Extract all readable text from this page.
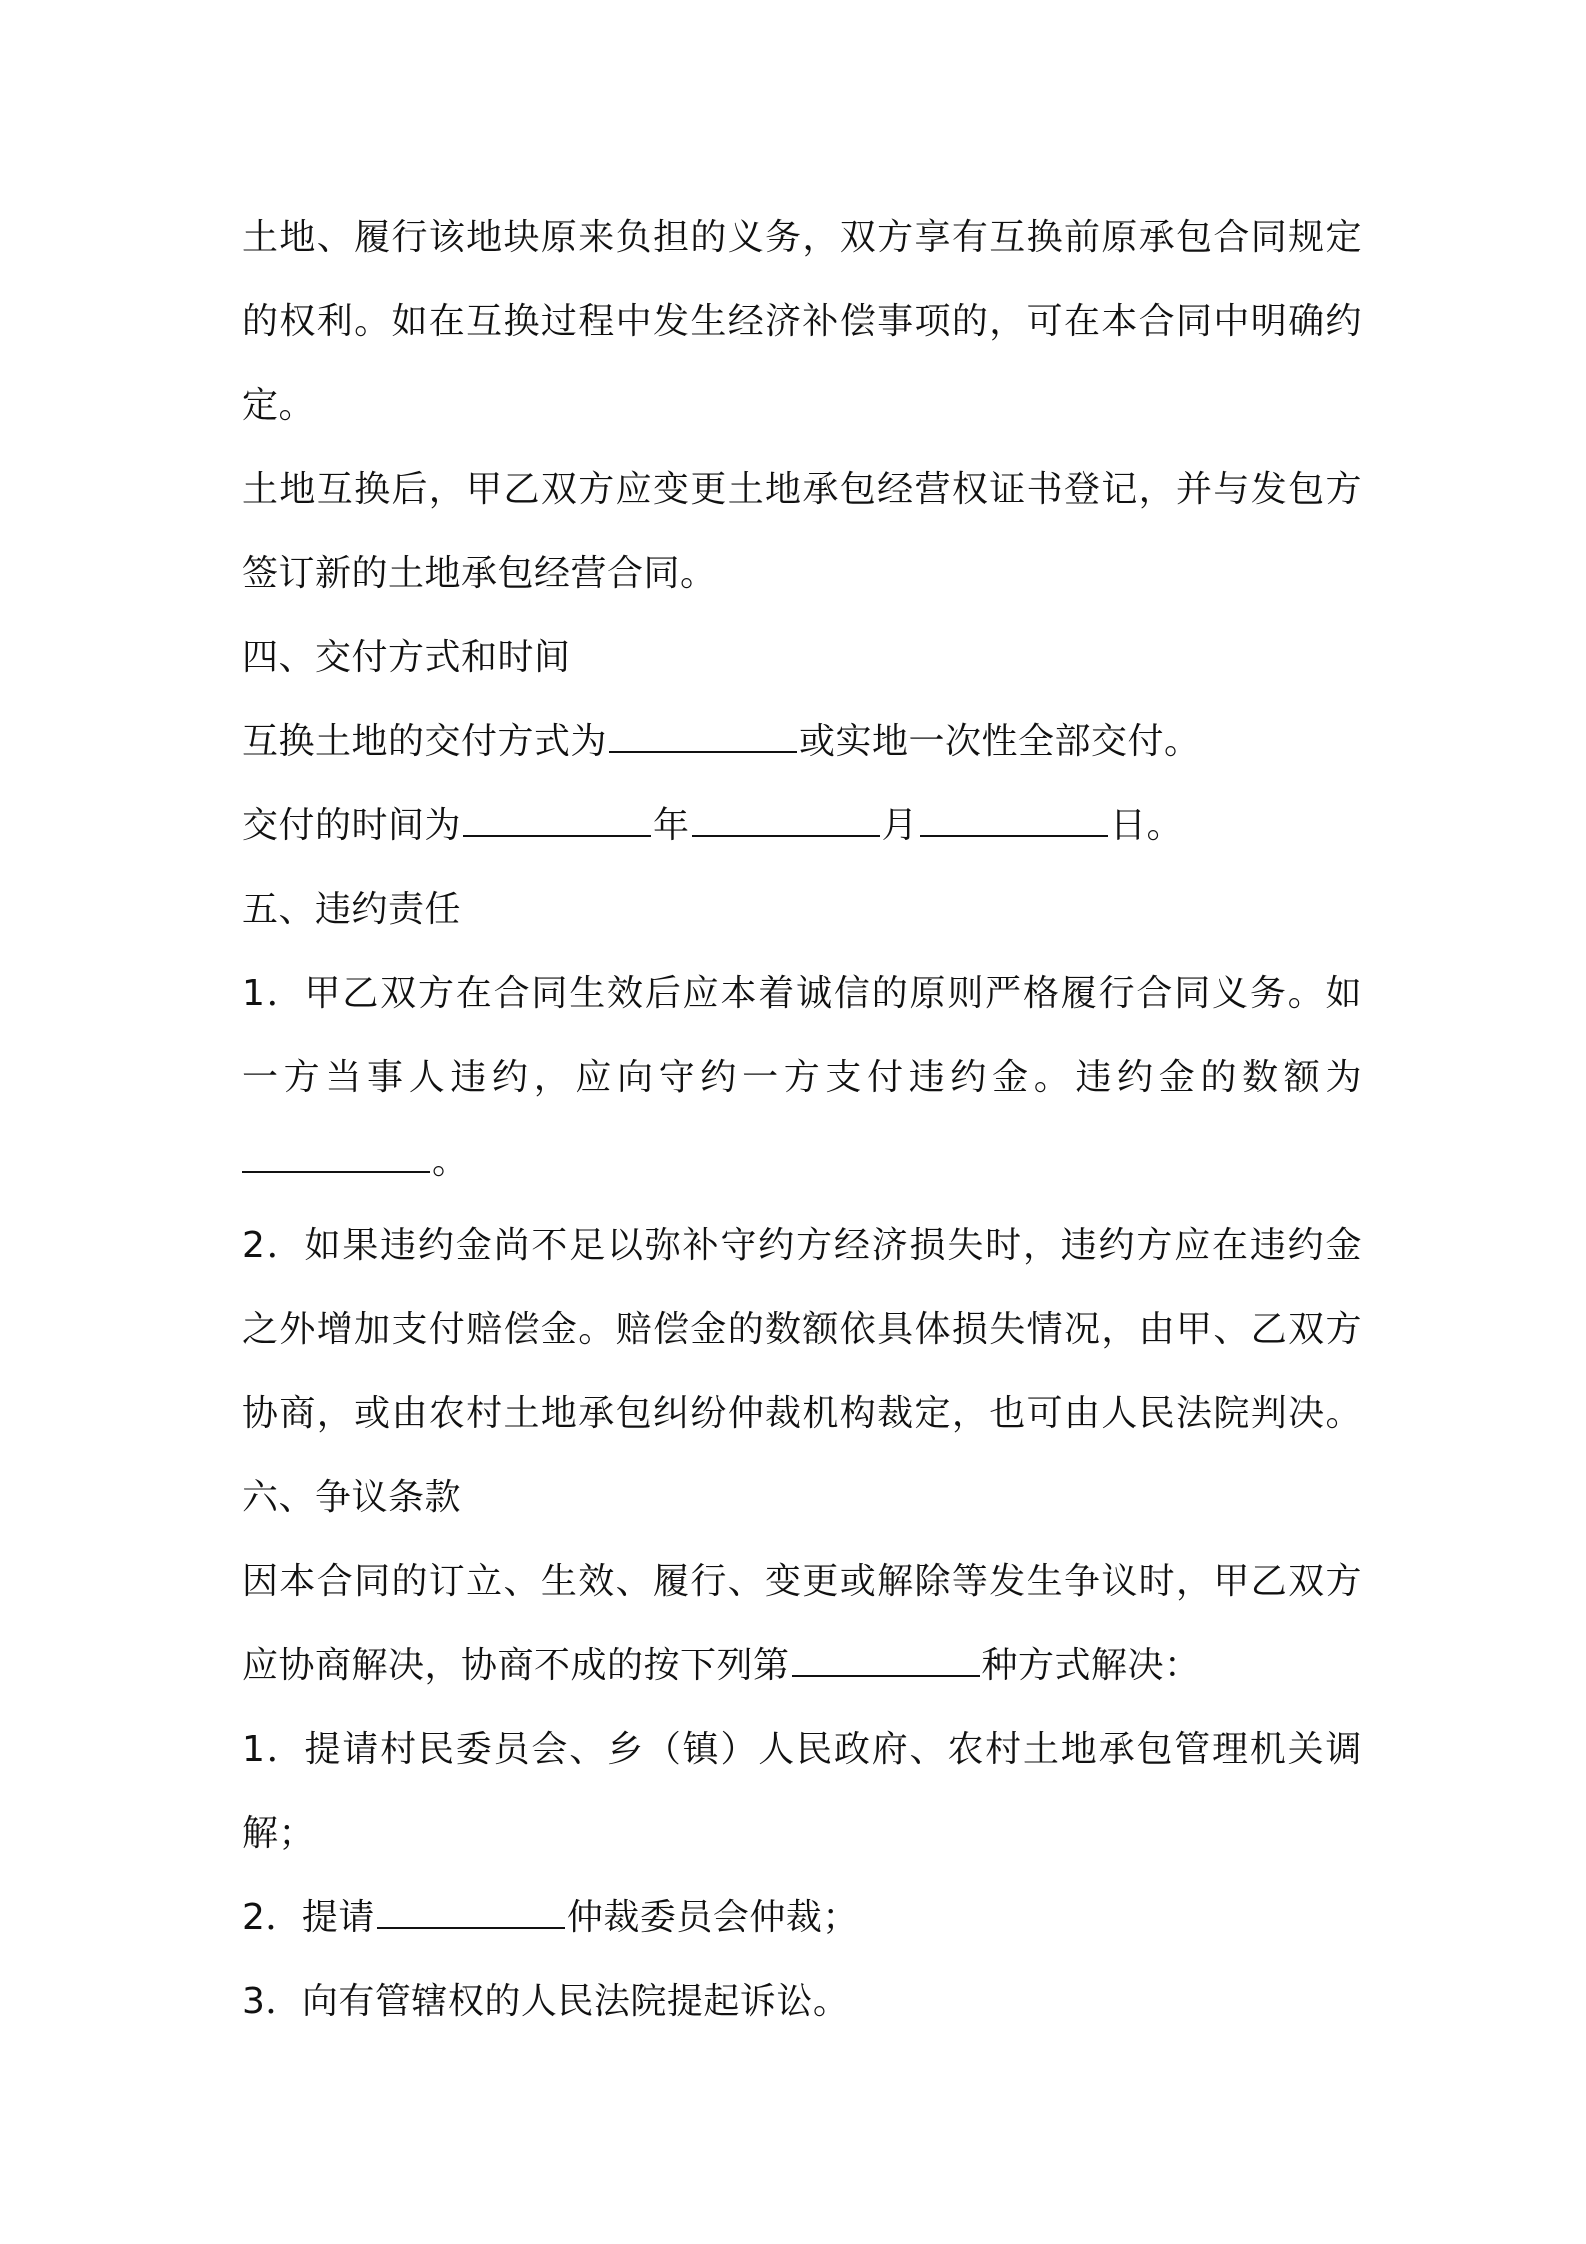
土地、履行该地块原来负担的义务，双方享有互换前原承包合同规定
的权利。如在互换过程中发生经济补偿事项的，可在本合同中明确约
定。
土地互换后，甲乙双方应变更土地承包经营权证书登记，并与发包方
签订新的土地承包经营合同。
四、交付方式和时间
互换土地的交付方式为	或实地一次性全部交付。
交付的时间为	年	月	日。
五、违约责任
1．甲乙双方在合同生效后应本着诚信的原则严格履行合同义务。如
一方当事人违约，应向守约一方支付违约金。违约金的数额为
。
2．如果违约金尚不足以弥补守约方经济损失时，违约方应在违约金
之外增加支付赔偿金。赔偿金的数额依具体损失情况，由甲、乙双方
协商，或由农村土地承包纠纷仲裁机构裁定，也可由人民法院判决。
六、争议条款
因本合同的订立、生效、履行、变更或解除等发生争议时，甲乙双方
应协商解决，协商不成的按下列第	种方式解决：
1．提请村民委员会、乡（镇）人民政府、农村土地承包管理机关调
解；
2．提请	仲裁委员会仲裁；
3．向有管辖权的人民法院提起诉讼。
